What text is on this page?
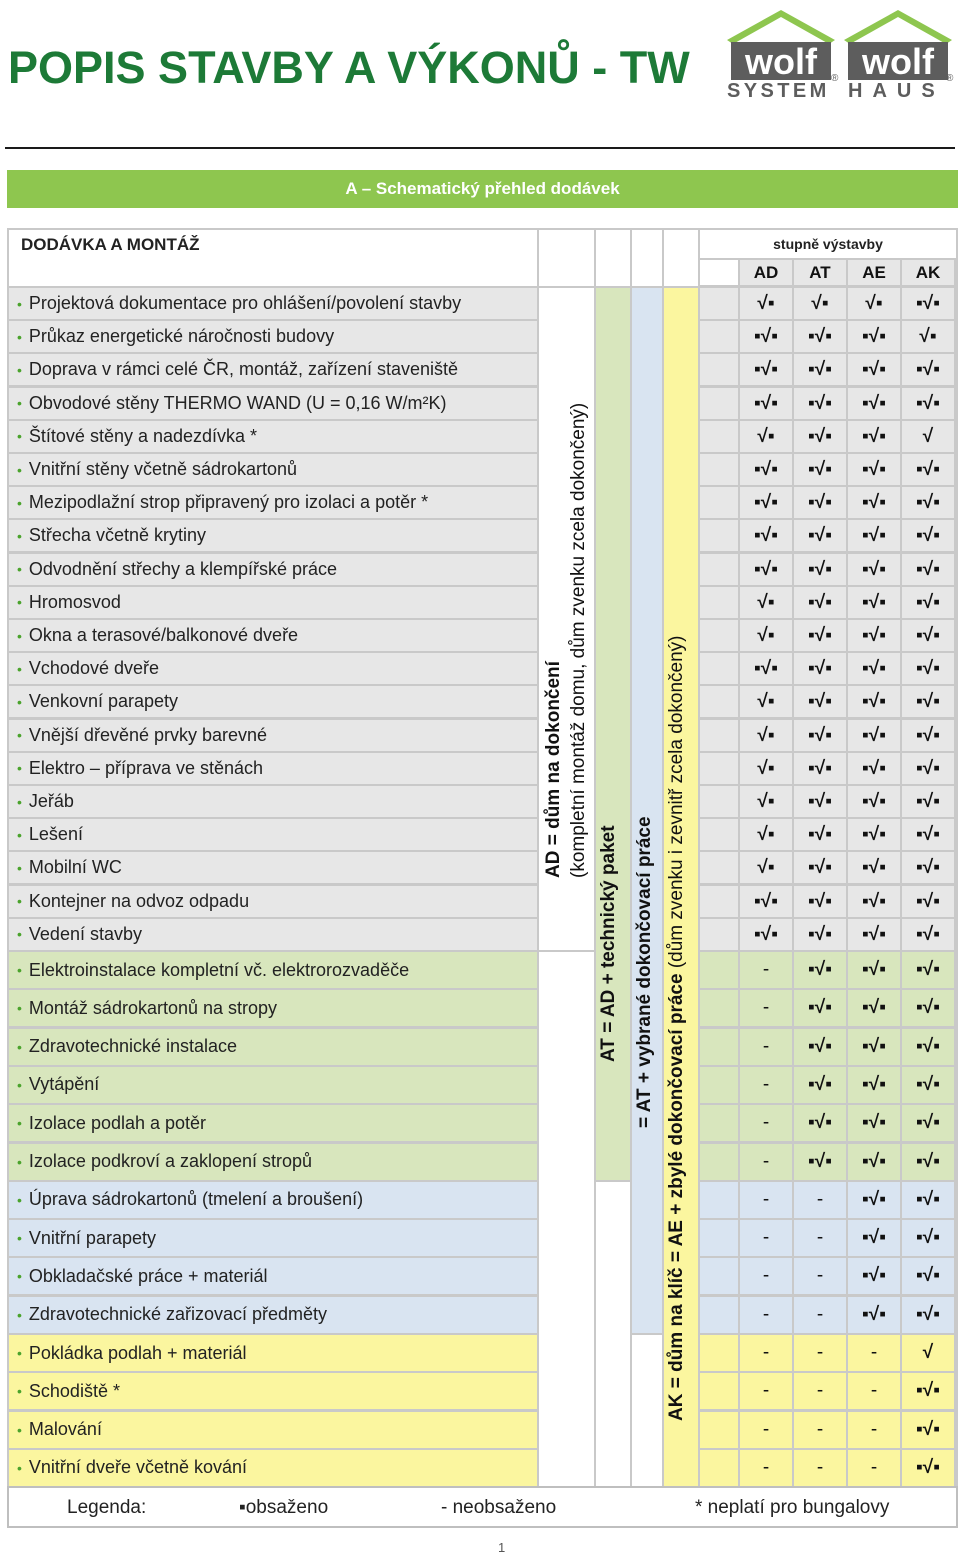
POPIS STAVBY A VÝKONŮ - TW wolf ® wolf ®
SYSTEM HAUS
A – Schematický přehled dodávek
DODÁVKA A MONTÁŽ	stupně výstavby
AD	AT	AE	AK
• Projektová dokumentace pro ohlášení/povolení stavby	√▪	√▪	√▪	▪√▪
• Průkaz energetické náročnosti budovy	▪√▪	▪√▪	▪√▪	√▪
• Doprava v rámci celé ČR, montáž, zařízení staveniště	▪√▪	▪√▪	▪√▪	▪√▪
• Obvodové stěny THERMO WAND (U = 0,16 W/m²K)	▪√▪	▪√▪	▪√▪	▪√▪
• Štítové stěny a nadezdívka *	√▪	▪√▪	▪√▪	√
• Vnitřní stěny včetně sádrokartonů	▪√▪	▪√▪	▪√▪	▪√▪
• Mezipodlažní strop připravený pro izolaci a potěr *	▪√▪	▪√▪	▪√▪	▪√▪
• Střecha včetně krytiny	▪√▪	▪√▪	▪√▪	▪√▪
• Odvodnění střechy a klempířské práce	▪√▪	▪√▪	▪√▪	▪√▪
• Hromosvod	√▪	▪√▪	▪√▪	▪√▪
• Okna a terasové/balkonové dveře	√▪	▪√▪	▪√▪	▪√▪
• Vchodové dveře	▪√▪	▪√▪	▪√▪	▪√▪
• Venkovní parapety	√▪	▪√▪	▪√▪	▪√▪
• Vnější dřevěné prvky barevné	√▪	▪√▪	▪√▪	▪√▪
• Elektro – příprava ve stěnách	√▪	▪√▪	▪√▪	▪√▪
• Jeřáb	√▪	▪√▪	▪√▪	▪√▪
• Lešení	√▪	▪√▪	▪√▪	▪√▪
• Mobilní WC	√▪	▪√▪	▪√▪	▪√▪
• Kontejner na odvoz odpadu	▪√▪	▪√▪	▪√▪	▪√▪
• Vedení stavby	▪√▪	▪√▪	▪√▪	▪√▪
• Elektroinstalace kompletní vč. elektrorozvaděče	-	▪√▪	▪√▪	▪√▪
• Montáž sádrokartonů na stropy	-	▪√▪	▪√▪	▪√▪
• Zdravotechnické instalace	-	▪√▪	▪√▪	▪√▪
• Vytápění	-	▪√▪	▪√▪	▪√▪
• Izolace podlah a potěr	-	▪√▪	▪√▪	▪√▪
• Izolace podkroví a zaklopení stropů	-	▪√▪	▪√▪	▪√▪
• Úprava sádrokartonů (tmelení a broušení)	-	-	▪√▪	▪√▪
• Vnitřní parapety	-	-	▪√▪	▪√▪
• Obkladačské práce + materiál	-	-	▪√▪	▪√▪
• Zdravotechnické zařizovací předměty	-	-	▪√▪	▪√▪
• Pokládka podlah + materiál	-	-	-	√
• Schodiště *	-	-	-	▪√▪
• Malování	-	-	-	▪√▪
• Vnitřní dveře včetně kování	-	-	-	▪√▪
AD = dům na dokončení (kompletní montáž domu, dům zvenku zcela dokončený)
AT = AD + technický paket = AT + vybrané dokončovací práce
AK = dům na klíč = AE + zbylé dokončovací práce (dům zvenku i zevnitř zcela dokončený)
Legenda:	▪obsaženo	- neobsaženo	* neplatí pro bungalovy
1
